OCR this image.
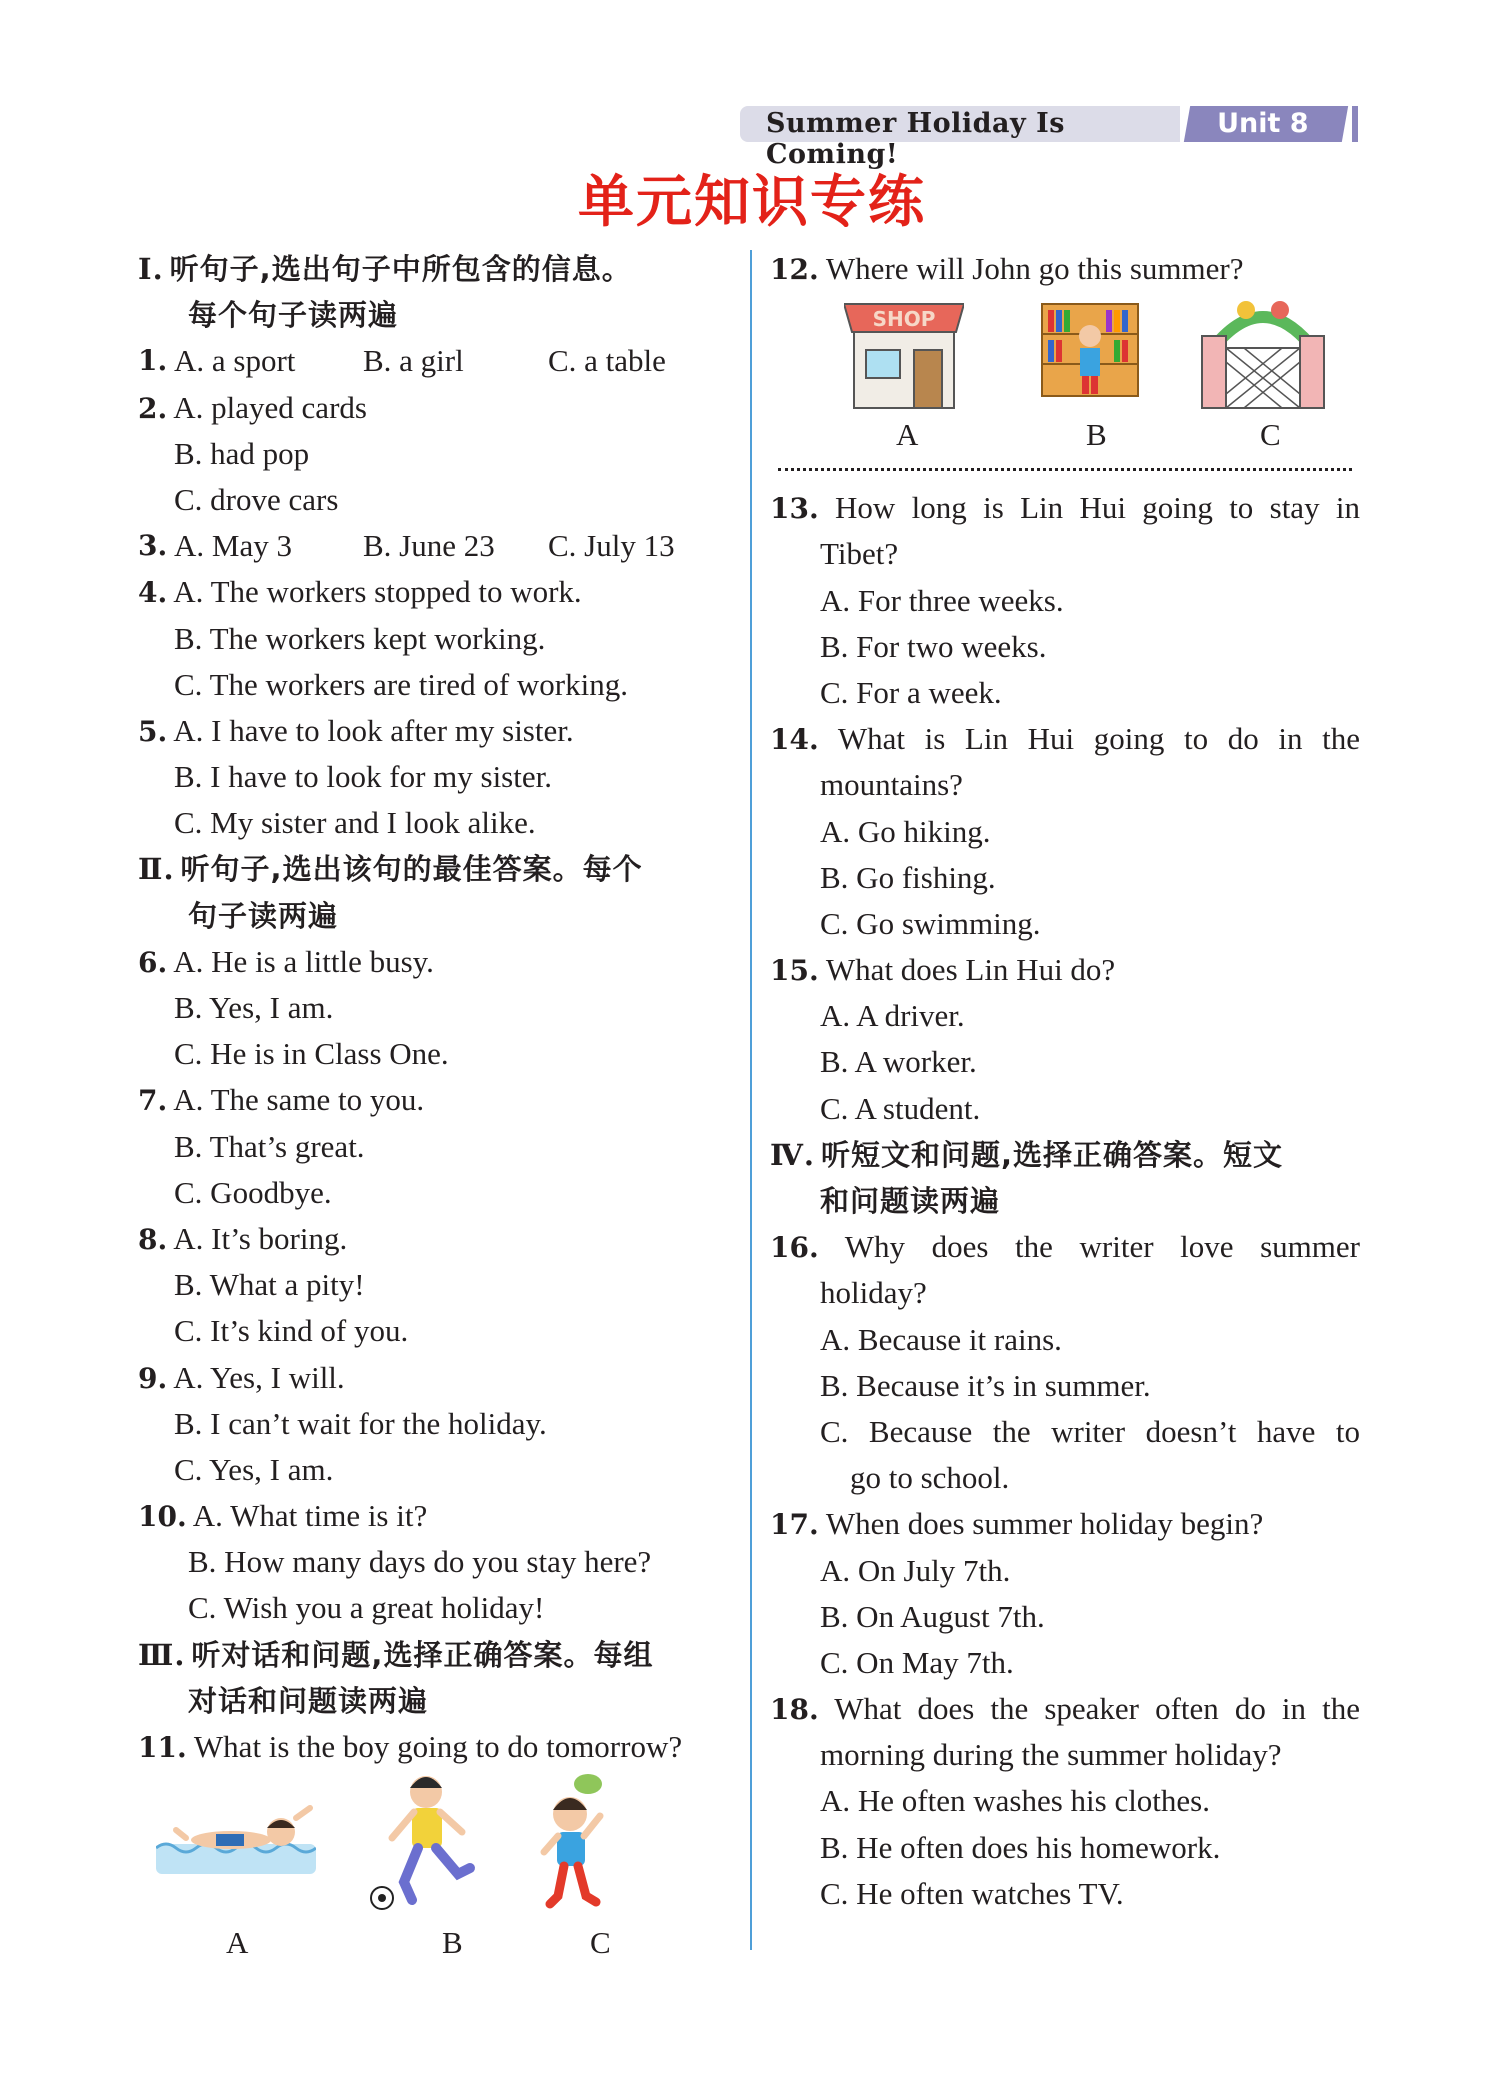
Summer Holiday Is Coming!
Unit 8
单元知识专练
Ⅰ. 听句子,选出句子中所包含的信息。
每个句子读两遍
1. A. a sport	B. a girl	C. a table
2. A. played cards
B. had pop
C. drove cars
3. A. May 3	B. June 23	C. July 13
4. A. The workers stopped to work.
B. The workers kept working.
C. The workers are tired of working.
5. A. I have to look after my sister.
B. I have to look for my sister.
C. My sister and I look alike.
Ⅱ. 听句子,选出该句的最佳答案。每个
句子读两遍
6. A. He is a little busy.
B. Yes, I am.
C. He is in Class One.
7. A. The same to you.
B. That’s great.
C. Goodbye.
8. A. It’s boring.
B. What a pity!
C. It’s kind of you.
9. A. Yes, I will.
B. I can’t wait for the holiday.
C. Yes, I am.
10. A. What time is it?
B. How many days do you stay here?
C. Wish you a great holiday!
Ⅲ. 听对话和问题,选择正确答案。每组
对话和问题读两遍
11. What is the boy going to do tomorrow?
A	B	C
12. Where will John go this summer?
SHOP
A	B	C
13. How long is Lin Hui going to stay in
Tibet?
A. For three weeks.
B. For two weeks.
C. For a week.
14. What is Lin Hui going to do in the
mountains?
A. Go hiking.
B. Go fishing.
C. Go swimming.
15. What does Lin Hui do?
A. A driver.
B. A worker.
C. A student.
Ⅳ. 听短文和问题,选择正确答案。短文
和问题读两遍
16. Why does the writer love summer
holiday?
A. Because it rains.
B. Because it’s in summer.
C. Because the writer doesn’t have to
go to school.
17. When does summer holiday begin?
A. On July 7th.
B. On August 7th.
C. On May 7th.
18. What does the speaker often do in the
morning during the summer holiday?
A. He often washes his clothes.
B. He often does his homework.
C. He often watches TV.
